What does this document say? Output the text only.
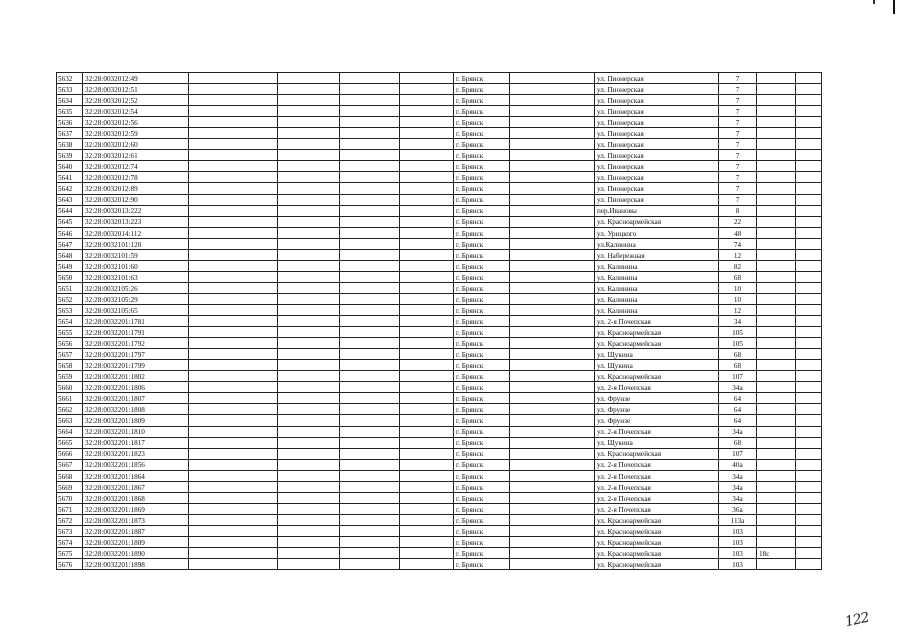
5632	32:28:0032012:49					г. Брянск		ул. Пионерская	7		
5633	32:28:0032012:51					г. Брянск		ул. Пионерская	7		
5634	32:28:0032012:52					г. Брянск		ул. Пионерская	7		
5635	32:28:0032012:54					г. Брянск		ул. Пионерская	7		
5636	32:28:0032012:56					г. Брянск		ул. Пионерская	7		
5637	32:28:0032012:59					г. Брянск		ул. Пионерская	7		
5638	32:28:0032012:60					г. Брянск		ул. Пионерская	7		
5639	32:28:0032012:61					г. Брянск		ул. Пионерская	7		
5640	32:28:0032012:74					г. Брянск		ул. Пионерская	7		
5641	32:28:0032012:78					г. Брянск		ул. Пионерская	7		
5642	32:28:0032012:89					г. Брянск		ул. Пионерская	7		
5643	32:28:0032012:90					г. Брянск		ул. Пионерская	7		
5644	32:28:0032013:222					г. Брянск		пер.Ивановы	8		
5645	32:28:0032013:223					г. Брянск		ул. Красноармейская	22		
5646	32:28:0032014:112					г. Брянск		ул. Урицкого	48		
5647	32:28:0032101:120					г. Брянск		ул.Калинина	74		
5648	32:28:0032101:59					г. Брянск		ул. Набережная	12		
5649	32:28:0032101:60					г. Брянск		ул. Калинина	82		
5650	32:28:0032101:63					г. Брянск		ул. Калинина	68		
5651	32:28:0032105:26					г. Брянск		ул. Калинина	10		
5652	32:28:0032105:29					г. Брянск		ул. Калинина	10		
5653	32:28:0032105:65					г. Брянск		ул. Калинина	12		
5654	32:28:0032201:1781					г. Брянск		ул. 2-я Почепская	34		
5655	32:28:0032201:1791					г. Брянск		ул. Красноармейская	105		
5656	32:28:0032201:1792					г. Брянск		ул. Красноармейская	105		
5657	32:28:0032201:1797					г. Брянск		ул. Щукина	68		
5658	32:28:0032201:1799					г. Брянск		ул. Щукина	68		
5659	32:28:0032201:1802					г. Брянск		ул. Красноармейская	107		
5660	32:28:0032201:1806					г. Брянск		ул. 2-я Почепская	34а		
5661	32:28:0032201:1807					г. Брянск		ул. Фрунзе	64		
5662	32:28:0032201:1808					г. Брянск		ул. Фрунзе	64		
5663	32:28:0032201:1809					г. Брянск		ул. Фрунзе	64		
5664	32:28:0032201:1810					г. Брянск		ул. 2-я Почепская	34а		
5665	32:28:0032201:1817					г. Брянск		ул. Щукина	68		
5666	32:28:0032201:1823					г. Брянск		ул. Красноармейская	107		
5667	32:28:0032201:1856					г. Брянск		ул. 2-я Почепская	40а		
5668	32:28:0032201:1864					г. Брянск		ул. 2-я Почепская	34а		
5669	32:28:0032201:1867					г. Брянск		ул. 2-я Почепская	34а		
5670	32:28:0032201:1868					г. Брянск		ул. 2-я Почепская	34а		
5671	32:28:0032201:1869					г. Брянск		ул. 2-я Почепская	36а		
5672	32:28:0032201:1873					г. Брянск		ул. Красноармейская	113а		
5673	32:28:0032201:1887					г. Брянск		ул. Красноармейская	103		
5674	32:28:0032201:1889					г. Брянск		ул. Красноармейская	103		
5675	32:28:0032201:1890					г. Брянск		ул. Красноармейская	103	18с	
5676	32:28:0032201:1898					г. Брянск		ул. Красноармейская	103		
122
